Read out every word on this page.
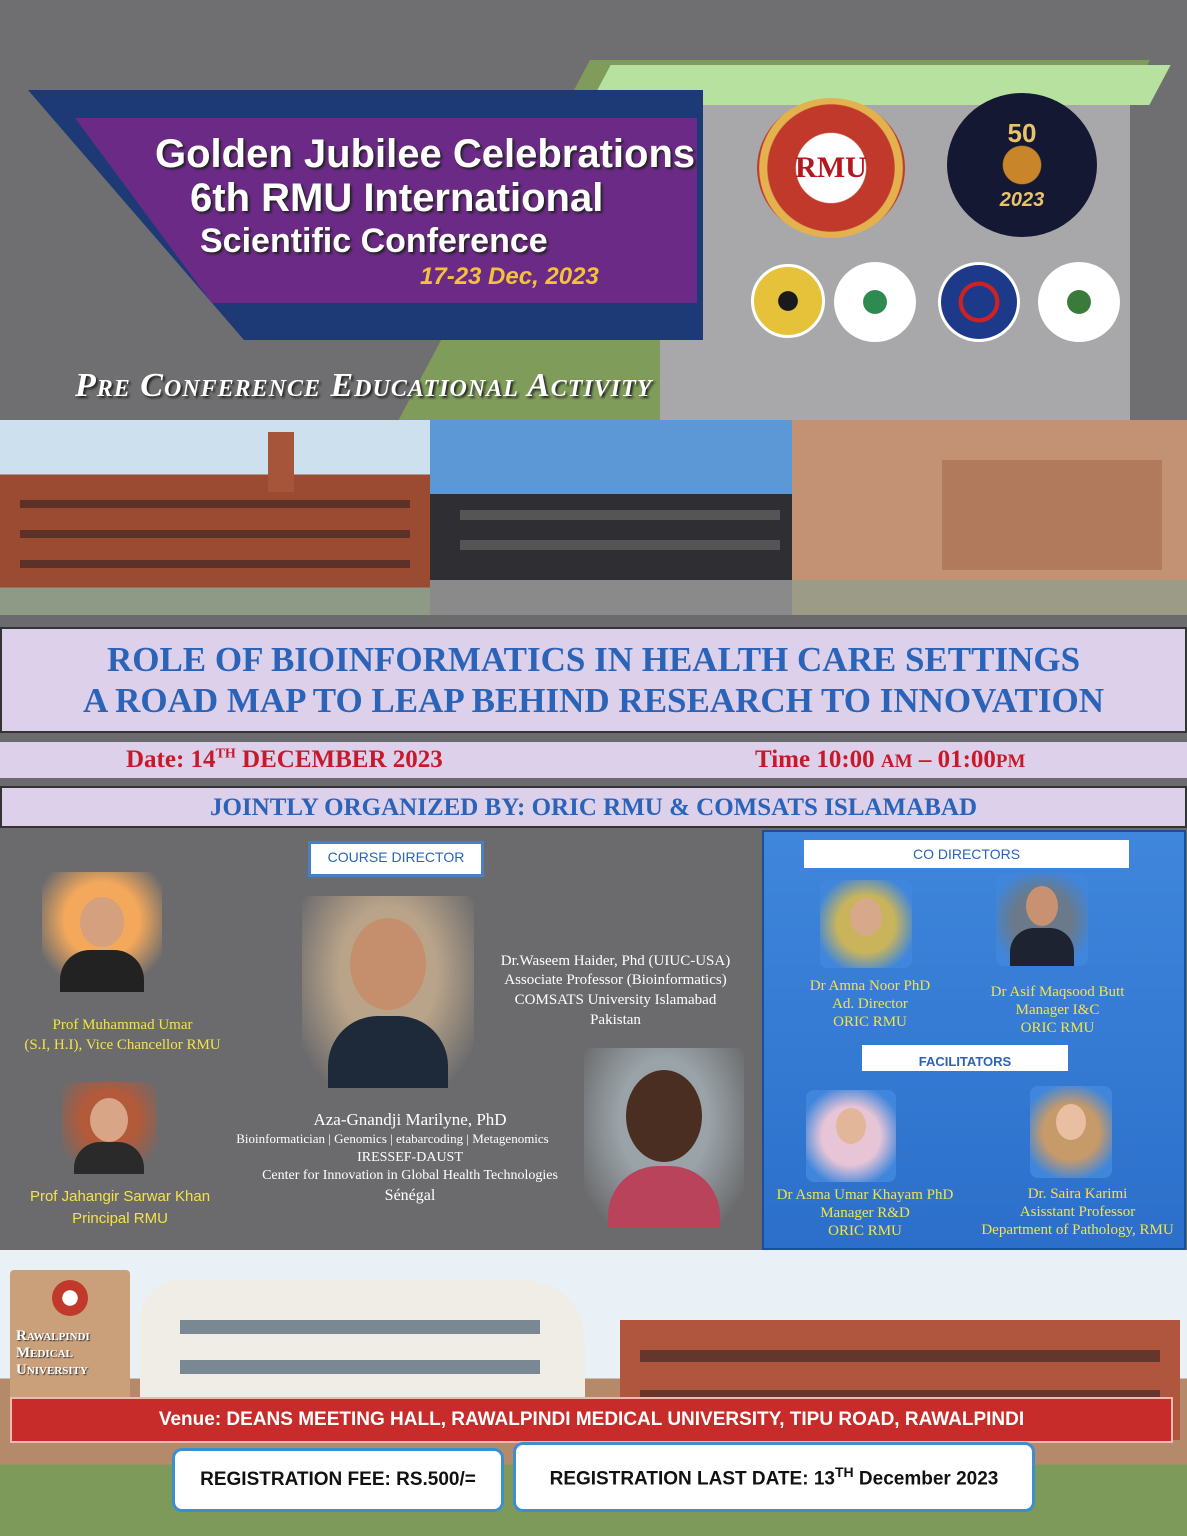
Golden Jubilee Celebrations
6th RMU International
Scientific Conference
17-23 Dec, 2023
Pre Conference Educational Activity
RMU
50
2023
ROLE OF BIOINFORMATICS IN HEALTH CARE SETTINGS
A ROAD MAP TO LEAP BEHIND RESEARCH TO INNOVATION
Date: 14TH DECEMBER 2023	Time 10:00 AM – 01:00PM
JOINTLY ORGANIZED BY: ORIC RMU & COMSATS ISLAMABAD
Prof Muhammad Umar
(S.I, H.I), Vice Chancellor RMU
Prof Jahangir Sarwar Khan
Principal RMU
COURSE DIRECTOR
Dr.Waseem Haider, Phd (UIUC-USA)
Associate Professor (Bioinformatics)
COMSATS University Islamabad
Pakistan
Aza-Gnandji Marilyne, PhD
Bioinformatician | Genomics | etabarcoding | Metagenomics
IRESSEF-DAUST
Center for Innovation in Global Health Technologies
Sénégal
CO DIRECTORS
Dr Amna Noor PhD
Ad. Director
ORIC RMU
Dr Asif Maqsood Butt
Manager I&C
ORIC RMU
FACILITATORS
Dr Asma Umar Khayam PhD
Manager R&D
ORIC RMU
Dr. Saira Karimi
Asisstant Professor
Department of Pathology, RMU
Rawalpindi
Medical
University
Venue: DEANS MEETING HALL, RAWALPINDI MEDICAL UNIVERSITY, TIPU ROAD, RAWALPINDI
REGISTRATION FEE: RS.500/=	REGISTRATION LAST DATE: 13TH December 2023
